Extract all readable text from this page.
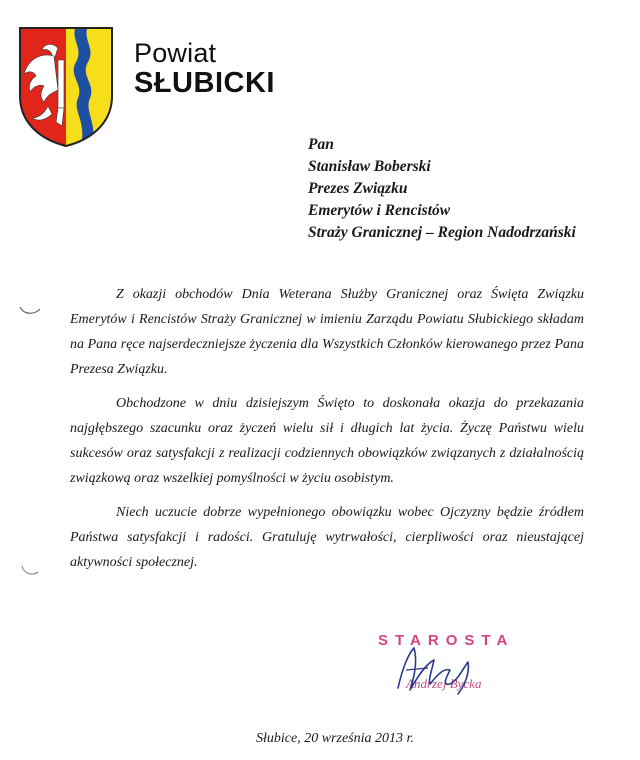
Powiat
SŁUBICKI
Pan
Stanisław Boberski
Prezes Związku
Emerytów i Rencistów
Straży Granicznej – Region Nadodrzański

Z okazji obchodów Dnia Weterana Służby Granicznej oraz Święta Związku Emerytów i Rencistów Straży Granicznej w imieniu Zarządu Powiatu Słubickiego składam na Pana ręce najserdeczniejsze życzenia dla Wszystkich Członków kierowanego przez Pana Prezesa Związku.

Obchodzone w dniu dzisiejszym Święto to doskonała okazja do przekazania najgłębszego szacunku oraz życzeń wielu sił i długich lat życia. Życzę Państwu wielu sukcesów oraz satysfakcji z realizacji codziennych obowiązków związanych z działalnością związkową oraz wszelkiej pomyślności w życiu osobistym.

Niech uczucie dobrze wypełnionego obowiązku wobec Ojczyzny będzie źródłem Państwa satysfakcji i radości. Gratuluję wytrwałości, cierpliwości oraz nieustającej aktywności społecznej.

STAROSTA
Andrzej Bycka
Słubice, 20 września 2013 r.
